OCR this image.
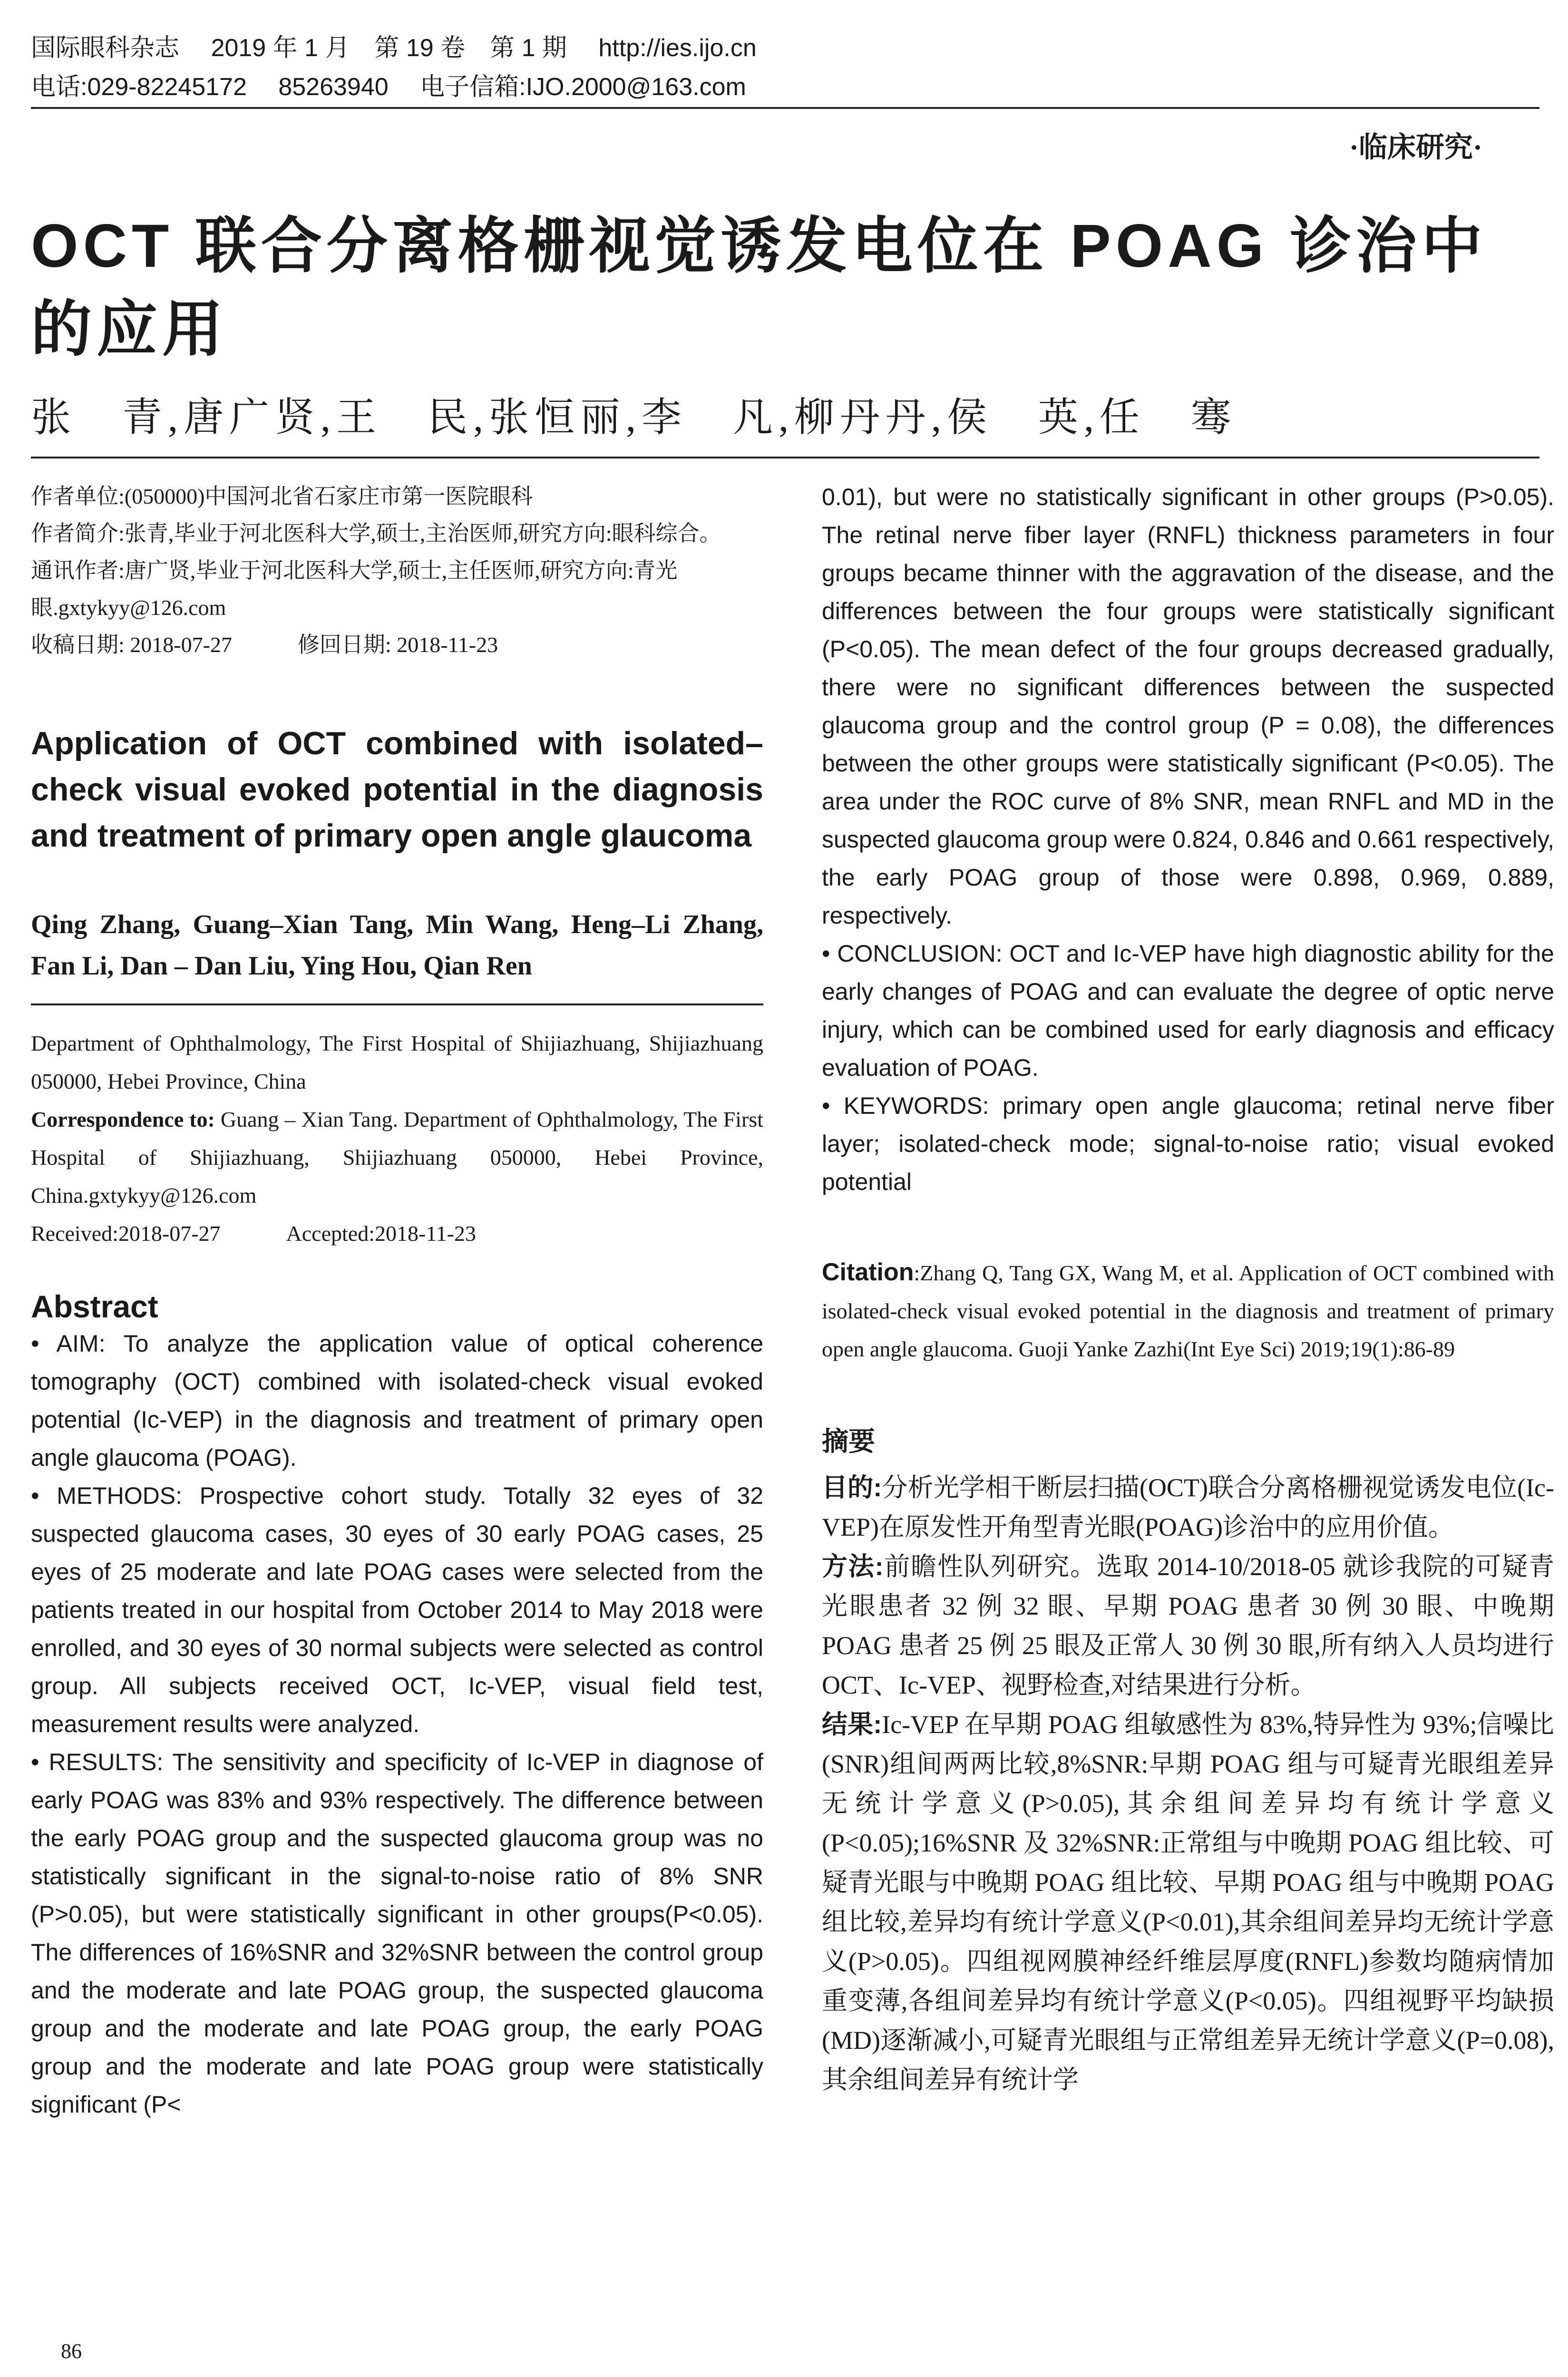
国际眼科杂志　 2019 年 1 月　第 19 卷　第 1 期　 http://ies.ijo.cn
电话:029-82245172　 85263940　 电子信箱:IJO.2000@163.com
·临床研究·
OCT 联合分离格栅视觉诱发电位在 POAG 诊治中的应用
张　青,唐广贤,王　民,张恒丽,李　凡,柳丹丹,侯　英,任　骞

作者单位:(050000)中国河北省石家庄市第一医院眼科

作者简介:张青,毕业于河北医科大学,硕士,主治医师,研究方向:眼科综合。

通讯作者:唐广贤,毕业于河北医科大学,硕士,主任医师,研究方向:青光眼.gxtykyy@126.com

收稿日期: 2018-07-27　　　修回日期: 2018-11-23

Application of OCT combined with isolated–check visual evoked potential in the diagnosis and treatment of primary open angle glaucoma

Qing Zhang, Guang–Xian Tang, Min Wang, Heng–Li Zhang, Fan Li, Dan – Dan Liu, Ying Hou, Qian Ren

Department of Ophthalmology, The First Hospital of Shijiazhuang, Shijiazhuang 050000, Hebei Province, China

Correspondence to: Guang – Xian Tang. Department of Ophthalmology, The First Hospital of Shijiazhuang, Shijiazhuang 050000, Hebei Province, China.gxtykyy@126.com

Received:2018-07-27　　　Accepted:2018-11-23

Abstract

• AIM: To analyze the application value of optical coherence tomography (OCT) combined with isolated-check visual evoked potential (Ic-VEP) in the diagnosis and treatment of primary open angle glaucoma (POAG).

• METHODS: Prospective cohort study. Totally 32 eyes of 32 suspected glaucoma cases, 30 eyes of 30 early POAG cases, 25 eyes of 25 moderate and late POAG cases were selected from the patients treated in our hospital from October 2014 to May 2018 were enrolled, and 30 eyes of 30 normal subjects were selected as control group. All subjects received OCT, Ic-VEP, visual field test, measurement results were analyzed.

• RESULTS: The sensitivity and specificity of Ic-VEP in diagnose of early POAG was 83% and 93% respectively. The difference between the early POAG group and the suspected glaucoma group was no statistically significant in the signal-to-noise ratio of 8% SNR (P>0.05), but were statistically significant in other groups(P<0.05). The differences of 16%SNR and 32%SNR between the control group and the moderate and late POAG group, the suspected glaucoma group and the moderate and late POAG group, the early POAG group and the moderate and late POAG group were statistically significant (P<

0.01), but were no statistically significant in other groups (P>0.05). The retinal nerve fiber layer (RNFL) thickness parameters in four groups became thinner with the aggravation of the disease, and the differences between the four groups were statistically significant (P<0.05). The mean defect of the four groups decreased gradually, there were no significant differences between the suspected glaucoma group and the control group (P = 0.08), the differences between the other groups were statistically significant (P<0.05). The area under the ROC curve of 8% SNR, mean RNFL and MD in the suspected glaucoma group were 0.824, 0.846 and 0.661 respectively, the early POAG group of those were 0.898, 0.969, 0.889, respectively.

• CONCLUSION: OCT and Ic-VEP have high diagnostic ability for the early changes of POAG and can evaluate the degree of optic nerve injury, which can be combined used for early diagnosis and efficacy evaluation of POAG.

• KEYWORDS: primary open angle glaucoma; retinal nerve fiber layer; isolated-check mode; signal-to-noise ratio; visual evoked potential

Citation:Zhang Q, Tang GX, Wang M, et al. Application of OCT combined with isolated-check visual evoked potential in the diagnosis and treatment of primary open angle glaucoma. Guoji Yanke Zazhi(Int Eye Sci) 2019;19(1):86-89

摘要

目的:分析光学相干断层扫描(OCT)联合分离格栅视觉诱发电位(Ic-VEP)在原发性开角型青光眼(POAG)诊治中的应用价值。

方法:前瞻性队列研究。选取 2014-10/2018-05 就诊我院的可疑青光眼患者 32 例 32 眼、早期 POAG 患者 30 例 30 眼、中晚期 POAG 患者 25 例 25 眼及正常人 30 例 30 眼,所有纳入人员均进行 OCT、Ic-VEP、视野检查,对结果进行分析。

结果:Ic-VEP 在早期 POAG 组敏感性为 83%,特异性为 93%;信噪比(SNR)组间两两比较,8%SNR:早期 POAG 组与可疑青光眼组差异无统计学意义(P>0.05),其余组间差异均有统计学意义(P<0.05);16%SNR 及 32%SNR:正常组与中晚期 POAG 组比较、可疑青光眼与中晚期 POAG 组比较、早期 POAG 组与中晚期 POAG 组比较,差异均有统计学意义(P<0.01),其余组间差异均无统计学意义(P>0.05)。四组视网膜神经纤维层厚度(RNFL)参数均随病情加重变薄,各组间差异均有统计学意义(P<0.05)。四组视野平均缺损(MD)逐渐减小,可疑青光眼组与正常组差异无统计学意义(P=0.08),其余组间差异有统计学

86
